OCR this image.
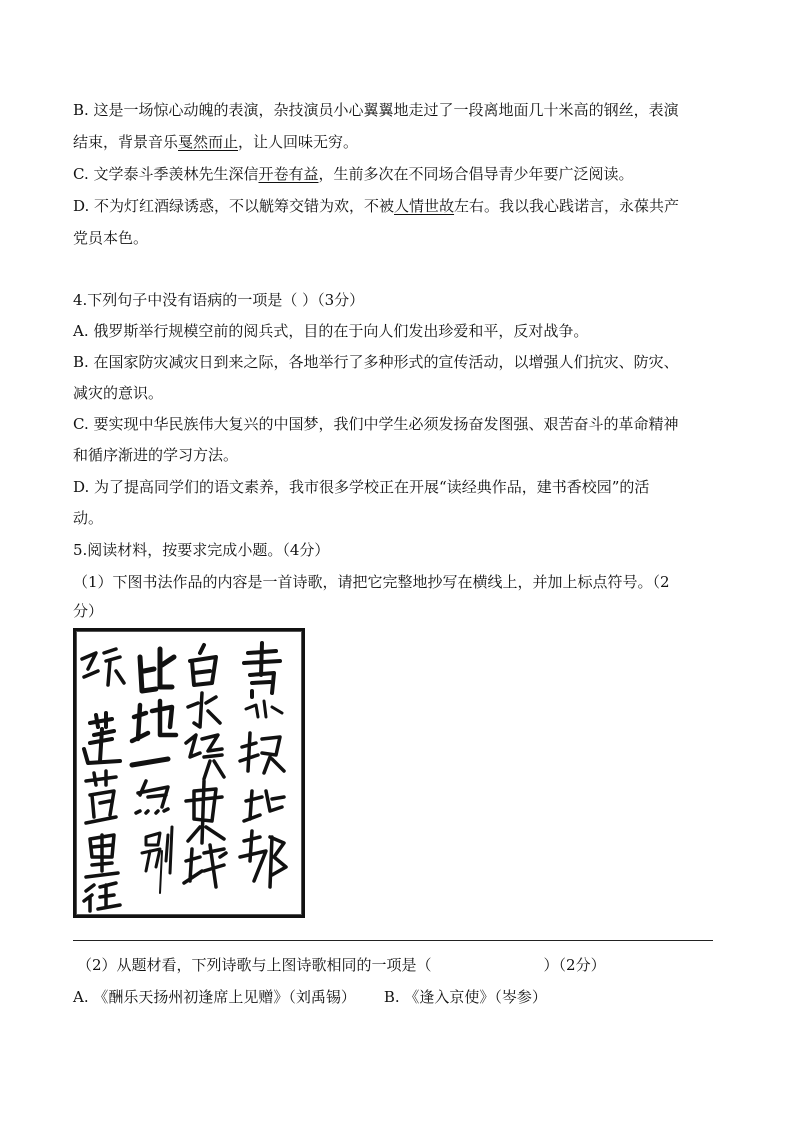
B. 这是一场惊心动魄的表演，杂技演员小心翼翼地走过了一段离地面几十米高的钢丝，表演
结束，背景音乐戛然而止，让人回味无穷。
C. 文学泰斗季羡林先生深信开卷有益，生前多次在不同场合倡导青少年要广泛阅读。
D. 不为灯红酒绿诱惑，不以觥筹交错为欢，不被人情世故左右。我以我心践诺言，永葆共产
党员本色。
4.下列句子中没有语病的一项是（ ）（3分）
A. 俄罗斯举行规模空前的阅兵式，目的在于向人们发出珍爱和平，反对战争。
B. 在国家防灾减灾日到来之际，各地举行了多种形式的宣传活动，以增强人们抗灾、防灾、
减灾的意识。
C. 要实现中华民族伟大复兴的中国梦，我们中学生必须发扬奋发图强、艰苦奋斗的革命精神
和循序渐进的学习方法。
D. 为了提高同学们的语文素养，我市很多学校正在开展“读经典作品，建书香校园”的活
动。
5.阅读材料，按要求完成小题。（4分）
（1）下图书法作品的内容是一首诗歌，请把它完整地抄写在横线上，并加上标点符号。（2
分）
（2）从题材看，下列诗歌与上图诗歌相同的一项是（	）（2分）
A. 《酬乐天扬州初逢席上见赠》（刘禹锡） B. 《逢入京使》（岑参）
